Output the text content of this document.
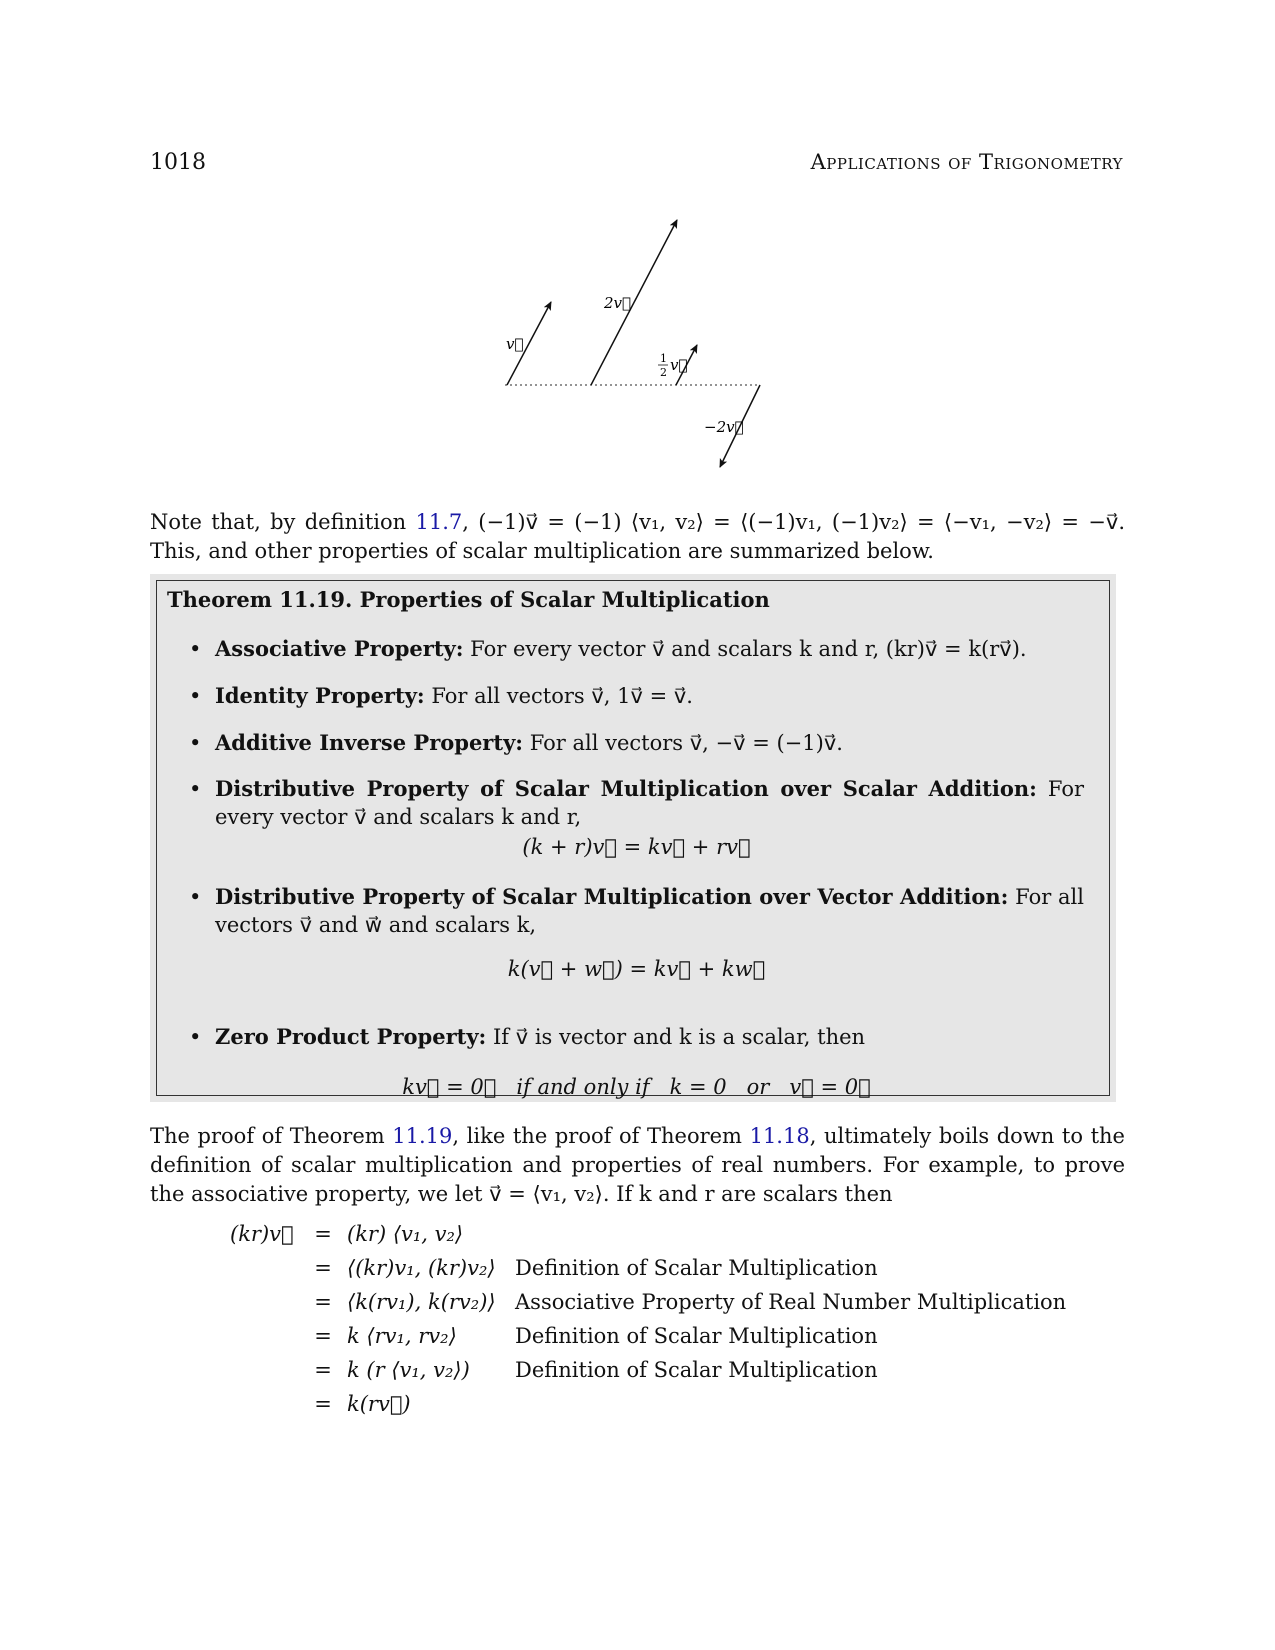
1018	Applications of Trigonometry
v⃗
2v⃗
1
2 v⃗
−2v⃗
Note that, by definition 11.7, (−1)v⃗ = (−1) ⟨v₁, v₂⟩ = ⟨(−1)v₁, (−1)v₂⟩ = ⟨−v₁, −v₂⟩ = −v⃗. This, and other properties of scalar multiplication are summarized below.
Theorem 11.19. Properties of Scalar Multiplication
• Associative Property: For every vector v⃗ and scalars k and r, (kr)v⃗ = k(rv⃗).
• Identity Property: For all vectors v⃗, 1v⃗ = v⃗.
• Additive Inverse Property: For all vectors v⃗, −v⃗ = (−1)v⃗.
• Distributive Property of Scalar Multiplication over Scalar Addition: For every vector v⃗ and scalars k and r,
(k + r)v⃗ = kv⃗ + rv⃗
• Distributive Property of Scalar Multiplication over Vector Addition: For all vectors v⃗ and w⃗ and scalars k,
k(v⃗ + w⃗) = kv⃗ + kw⃗
• Zero Product Property: If v⃗ is vector and k is a scalar, then
kv⃗ = 0⃗   if and only if   k = 0   or   v⃗ = 0⃗
The proof of Theorem 11.19, like the proof of Theorem 11.18, ultimately boils down to the definition of scalar multiplication and properties of real numbers. For example, to prove the associative property, we let v⃗ = ⟨v₁, v₂⟩. If k and r are scalars then
(kr)v⃗ = (kr) ⟨v₁, v₂⟩
= ⟨(kr)v₁, (kr)v₂⟩ Definition of Scalar Multiplication
= ⟨k(rv₁), k(rv₂)⟩ Associative Property of Real Number Multiplication
= k ⟨rv₁, rv₂⟩	Definition of Scalar Multiplication
= k (r ⟨v₁, v₂⟩) Definition of Scalar Multiplication
= k(rv⃗)
